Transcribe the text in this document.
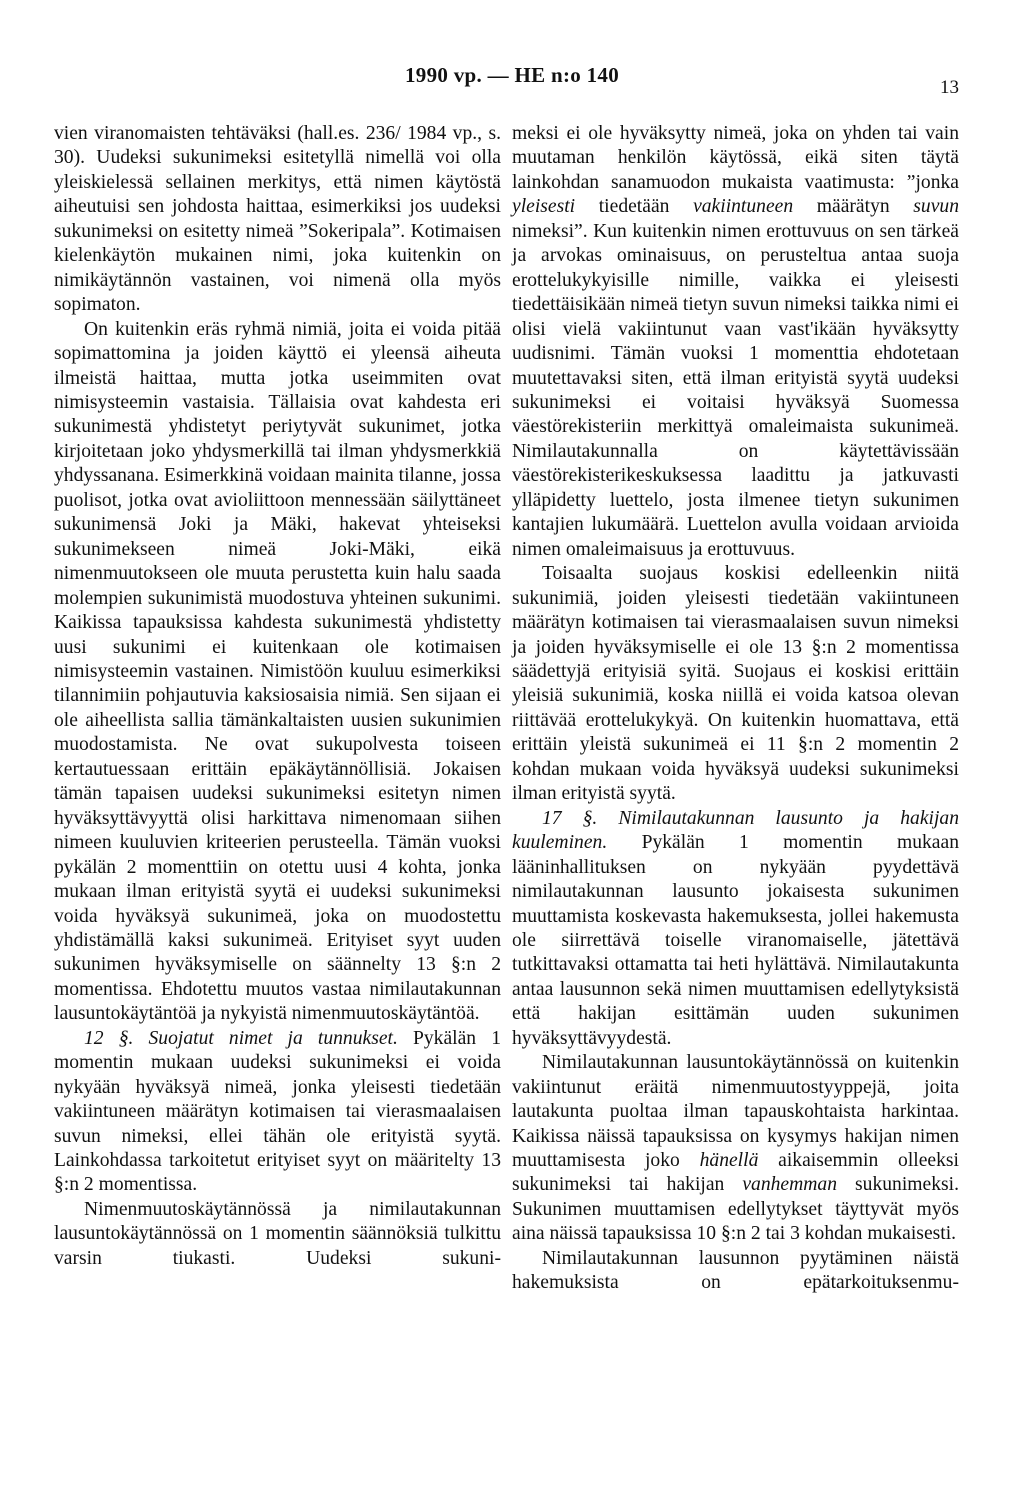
1990 vp. — HE n:o 140
13

vien viranomaisten tehtäväksi (hall.es. 236/ 1984 vp., s. 30). Uudeksi sukunimeksi esitetyllä nimellä voi olla yleiskielessä sellainen merkitys, että nimen käytöstä aiheutuisi sen johdosta haittaa, esimerkiksi jos uudeksi sukunimeksi on esitetty nimeä ”Sokeripala”. Kotimaisen kielenkäytön mukainen nimi, joka kuitenkin on nimikäytännön vastainen, voi nimenä olla myös sopimaton.

On kuitenkin eräs ryhmä nimiä, joita ei voida pitää sopimattomina ja joiden käyttö ei yleensä aiheuta ilmeistä haittaa, mutta jotka useimmiten ovat nimisysteemin vastaisia. Tällaisia ovat kahdesta eri sukunimestä yhdistetyt periytyvät sukunimet, jotka kirjoitetaan joko yhdysmerkillä tai ilman yhdysmerkkiä yhdyssanana. Esimerkkinä voidaan mainita tilanne, jossa puolisot, jotka ovat avioliittoon mennessään säilyttäneet sukunimensä Joki ja Mäki, hakevat yhteiseksi sukunimekseen nimeä Joki-Mäki, eikä nimenmuutokseen ole muuta perustetta kuin halu saada molempien sukunimistä muodostuva yhteinen sukunimi. Kaikissa tapauksissa kahdesta sukunimestä yhdistetty uusi sukunimi ei kuitenkaan ole kotimaisen nimisysteemin vastainen. Nimistöön kuuluu esimerkiksi tilannimiin pohjautuvia kaksiosaisia nimiä. Sen sijaan ei ole aiheellista sallia tämänkaltaisten uusien sukunimien muodostamista. Ne ovat sukupolvesta toiseen kertautuessaan erittäin epäkäytännöllisiä. Jokaisen tämän tapaisen uudeksi sukunimeksi esitetyn nimen hyväksyttävyyttä olisi harkittava nimenomaan siihen nimeen kuuluvien kriteerien perusteella. Tämän vuoksi pykälän 2 momenttiin on otettu uusi 4 kohta, jonka mukaan ilman erityistä syytä ei uudeksi sukunimeksi voida hyväksyä sukunimeä, joka on muodostettu yhdistämällä kaksi sukunimeä. Erityiset syyt uuden sukunimen hyväksymiselle on säännelty 13 §:n 2 momentissa. Ehdotettu muutos vastaa nimilautakunnan lausuntokäytäntöä ja nykyistä nimenmuutoskäytäntöä.

12 §. Suojatut nimet ja tunnukset. Pykälän 1 momentin mukaan uudeksi sukunimeksi ei voida nykyään hyväksyä nimeä, jonka yleisesti tiedetään vakiintuneen määrätyn kotimaisen tai vierasmaalaisen suvun nimeksi, ellei tähän ole erityistä syytä. Lainkohdassa tarkoitetut erityiset syyt on määritelty 13 §:n 2 momentissa.

Nimenmuutoskäytännössä ja nimilautakunnan lausuntokäytännössä on 1 momentin säännöksiä tulkittu varsin tiukasti. Uudeksi sukuni-

meksi ei ole hyväksytty nimeä, joka on yhden tai vain muutaman henkilön käytössä, eikä siten täytä lainkohdan sanamuodon mukaista vaatimusta: ”jonka yleisesti tiedetään vakiintuneen määrätyn suvun nimeksi”. Kun kuitenkin nimen erottuvuus on sen tärkeä ja arvokas ominaisuus, on perusteltua antaa suoja erottelukykyisille nimille, vaikka ei yleisesti tiedettäisikään nimeä tietyn suvun nimeksi taikka nimi ei olisi vielä vakiintunut vaan vast'ikään hyväksytty uudisnimi. Tämän vuoksi 1 momenttia ehdotetaan muutettavaksi siten, että ilman erityistä syytä uudeksi sukunimeksi ei voitaisi hyväksyä Suomessa väestörekisteriin merkittyä omaleimaista sukunimeä. Nimilautakunnalla on käytettävissään väestörekisterikeskuksessa laadittu ja jatkuvasti ylläpidetty luettelo, josta ilmenee tietyn sukunimen kantajien lukumäärä. Luettelon avulla voidaan arvioida nimen omaleimaisuus ja erottuvuus.

Toisaalta suojaus koskisi edelleenkin niitä sukunimiä, joiden yleisesti tiedetään vakiintuneen määrätyn kotimaisen tai vierasmaalaisen suvun nimeksi ja joiden hyväksymiselle ei ole 13 §:n 2 momentissa säädettyjä erityisiä syitä. Suojaus ei koskisi erittäin yleisiä sukunimiä, koska niillä ei voida katsoa olevan riittävää erottelukykyä. On kuitenkin huomattava, että erittäin yleistä sukunimeä ei 11 §:n 2 momentin 2 kohdan mukaan voida hyväksyä uudeksi sukunimeksi ilman erityistä syytä.

17 §. Nimilautakunnan lausunto ja hakijan kuuleminen. Pykälän 1 momentin mukaan lääninhallituksen on nykyään pyydettävä nimilautakunnan lausunto jokaisesta sukunimen muuttamista koskevasta hakemuksesta, jollei hakemusta ole siirrettävä toiselle viranomaiselle, jätettävä tutkittavaksi ottamatta tai heti hylättävä. Nimilautakunta antaa lausunnon sekä nimen muuttamisen edellytyksistä että hakijan esittämän uuden sukunimen hyväksyttävyydestä.

Nimilautakunnan lausuntokäytännössä on kuitenkin vakiintunut eräitä nimenmuutostyyppejä, joita lautakunta puoltaa ilman tapauskohtaista harkintaa. Kaikissa näissä tapauksissa on kysymys hakijan nimen muuttamisesta joko hänellä aikaisemmin olleeksi sukunimeksi tai hakijan vanhemman sukunimeksi. Sukunimen muuttamisen edellytykset täyttyvät myös aina näissä tapauksissa 10 §:n 2 tai 3 kohdan mukaisesti.

Nimilautakunnan lausunnon pyytäminen näistä hakemuksista on epätarkoituksenmu-
